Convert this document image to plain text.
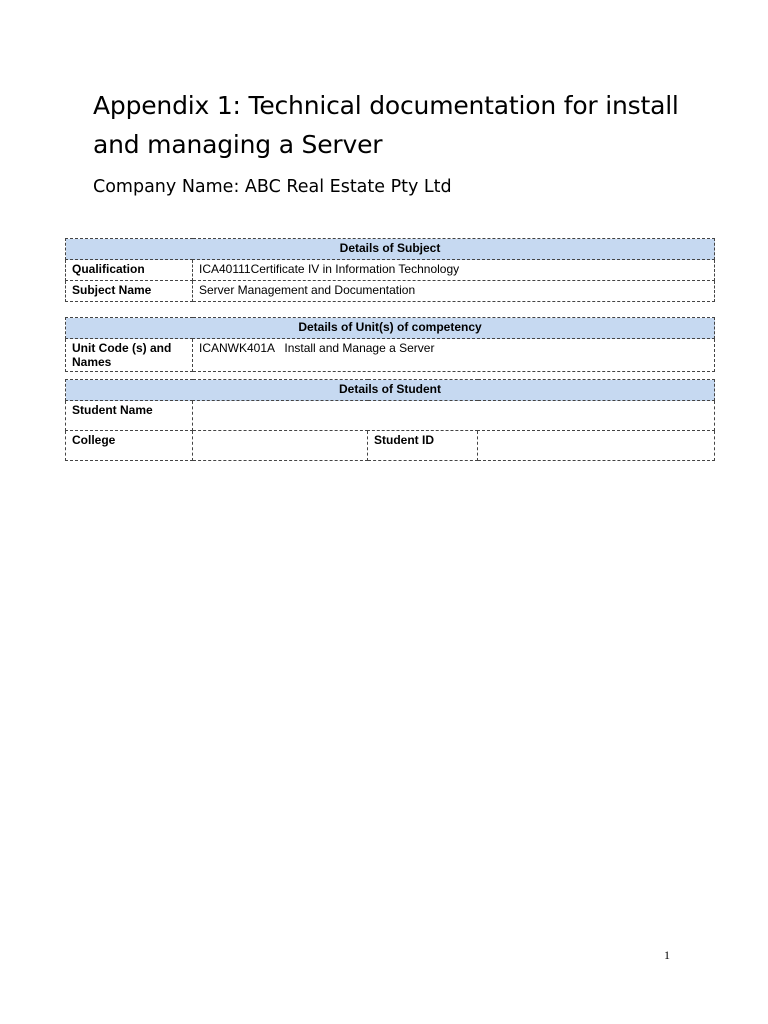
Appendix 1: Technical documentation for install and managing a Server

Company Name: ABC Real Estate Pty Ltd

Details of Subject	
Qualification	ICA40111Certificate IV in Information Technology
Subject Name	Server Management and Documentation
Details of Unit(s) of competency
Unit Code (s) and Names	ICANWK401A   Install and Manage a Server
Details of Student			
Student Name			
College		Student ID	
1
